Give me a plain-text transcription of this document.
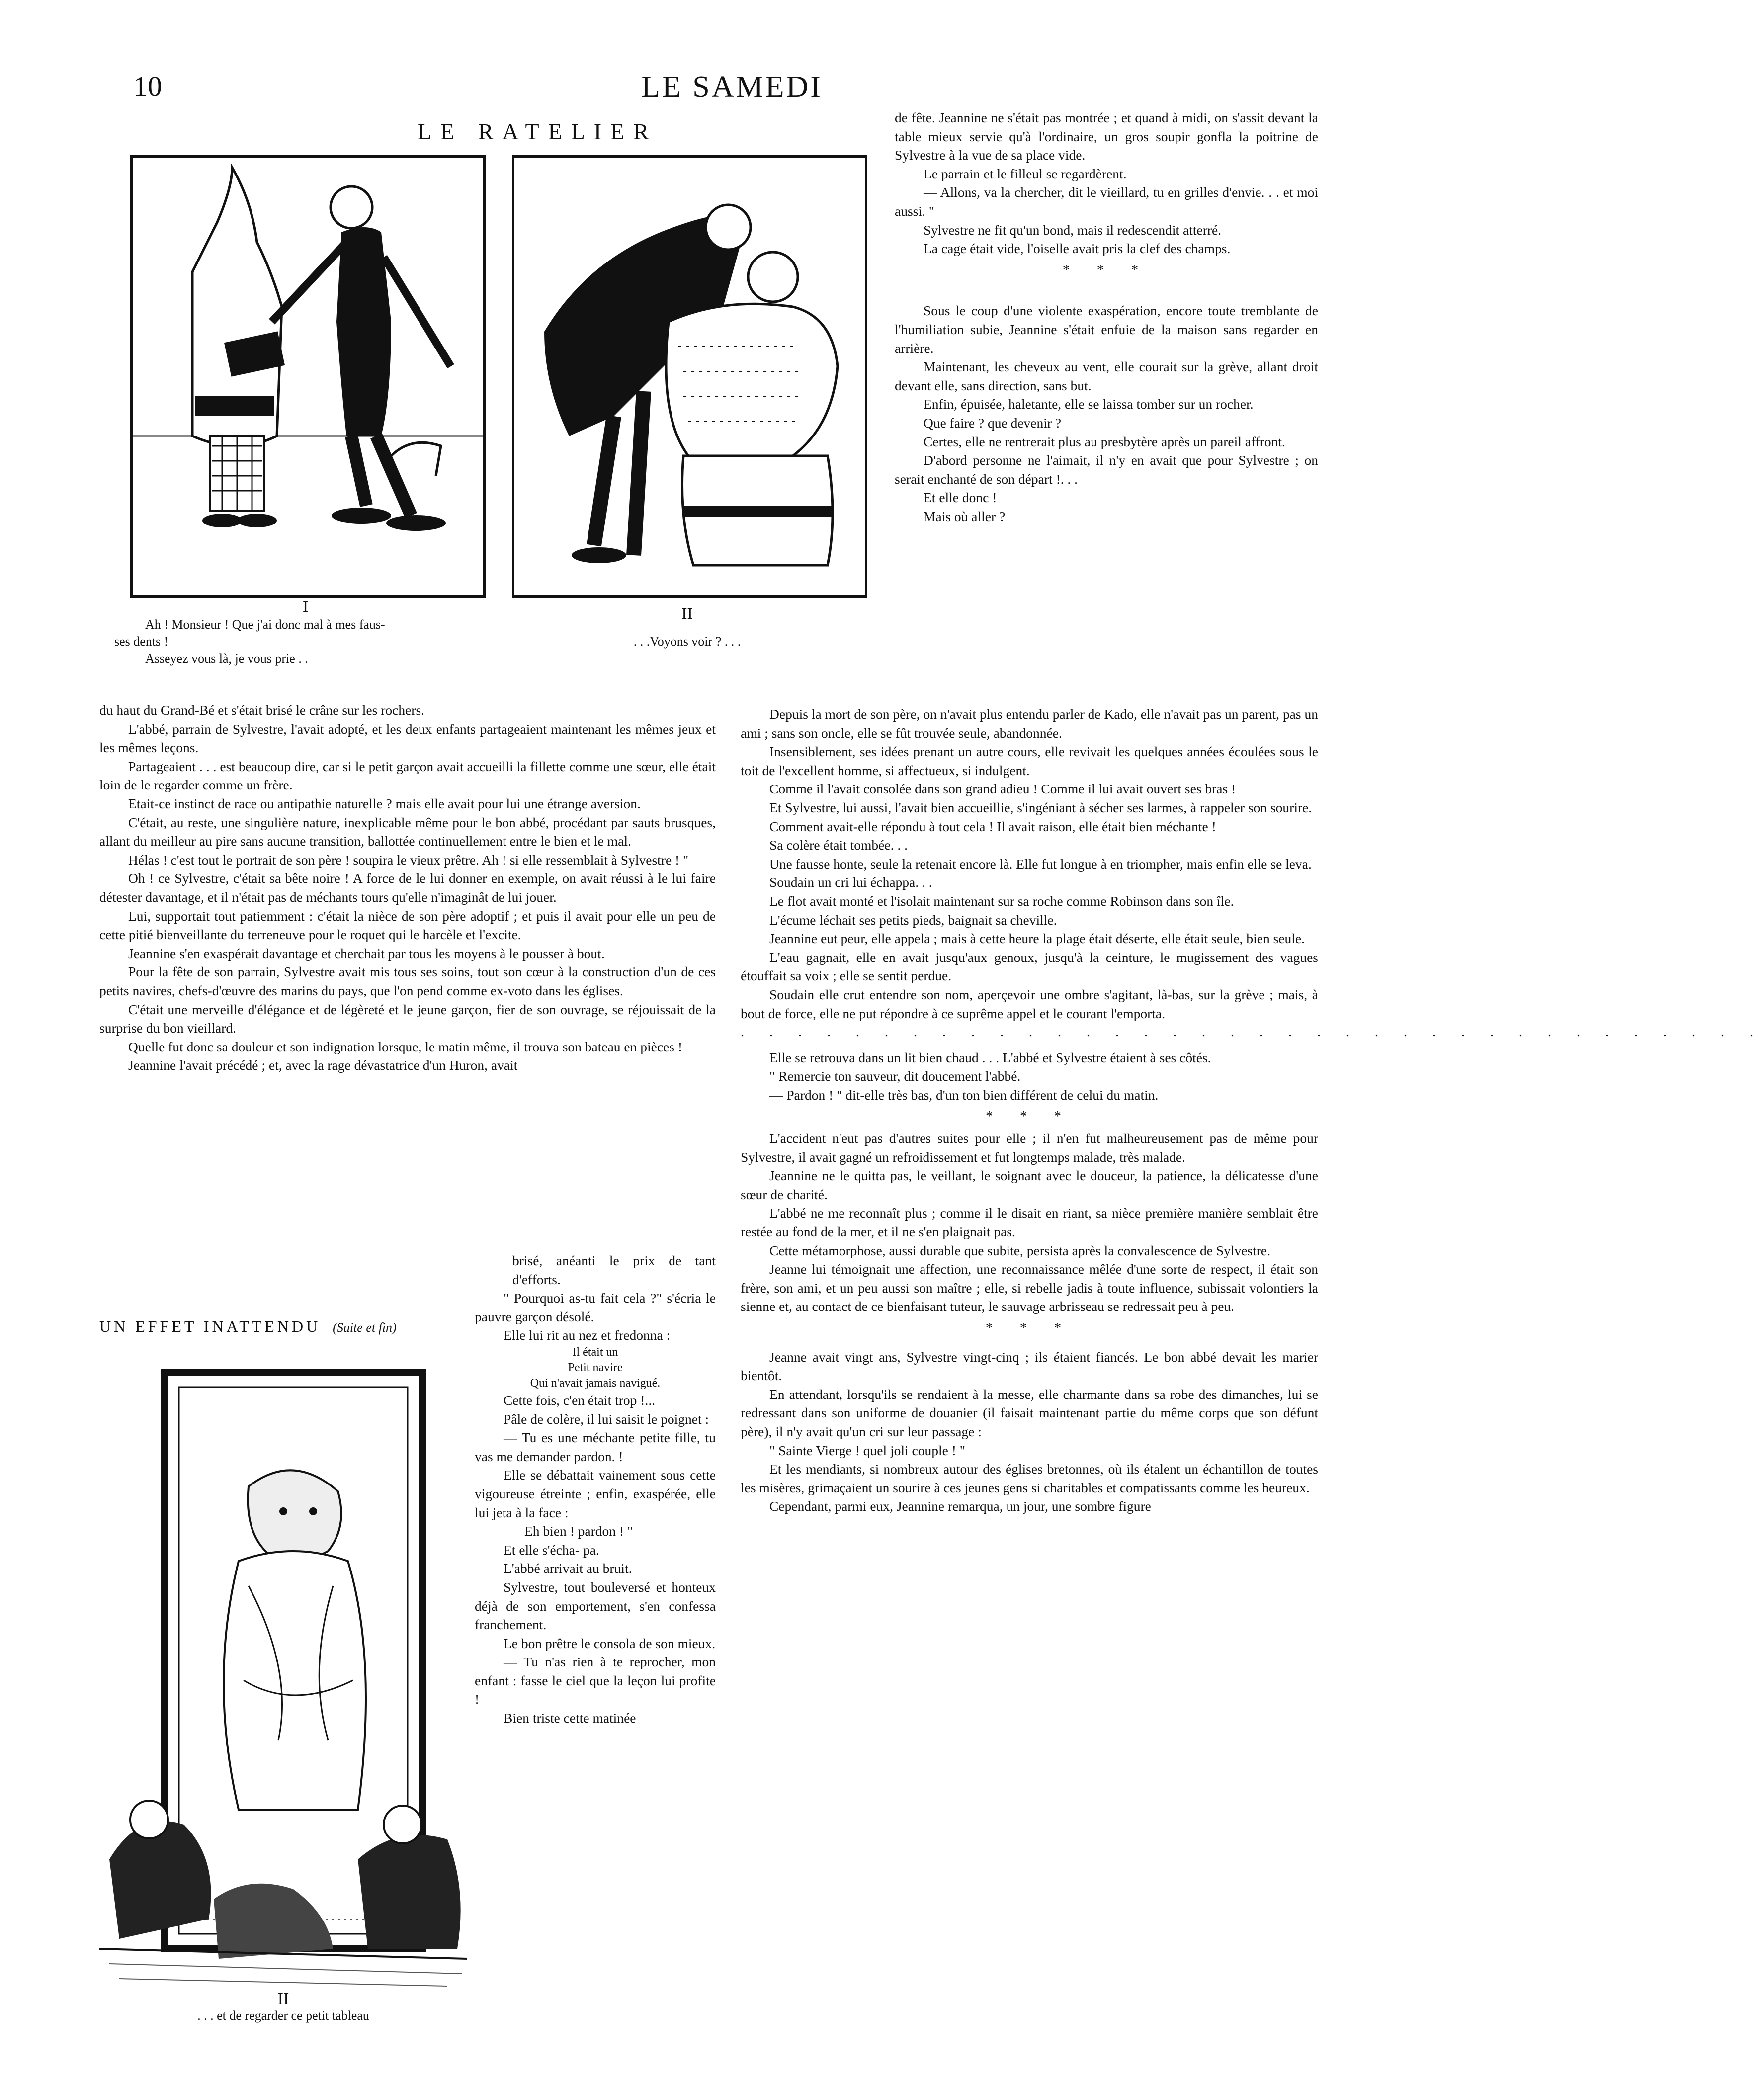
10	LE SAMEDI
LE RATELIER
I
Ah ! Monsieur ! Que j'ai donc mal à mes faus-
ses dents !
Asseyez vous là, je vous prie . .
II
. . .Voyons voir ? . . .

de fête. Jeannine ne s'était pas montrée ; et quand à midi, on s'assit devant la table mieux servie qu'à l'ordinaire, un gros soupir gonfla la poitrine de Sylvestre à la vue de sa place vide.

Le parrain et le filleul se regardèrent.

— Allons, va la chercher, dit le vieillard, tu en grilles d'envie. . . et moi aussi. "

Sylvestre ne fit qu'un bond, mais il redescendit atterré.

La cage était vide, l'oiselle avait pris la clef des champs.

* * *

Sous le coup d'une violente exaspération, encore toute tremblante de l'humiliation subie, Jeannine s'était enfuie de la maison sans regarder en arrière.

Maintenant, les cheveux au vent, elle courait sur la grève, allant droit devant elle, sans direction, sans but.

Enfin, épuisée, haletante, elle se laissa tomber sur un rocher.

Que faire ? que devenir ?

Certes, elle ne rentrerait plus au presbytère après un pareil affront.

D'abord personne ne l'aimait, il n'y en avait que pour Sylvestre ; on serait enchanté de son départ !. . .

Et elle donc !

Mais où aller ?

du haut du Grand-Bé et s'était brisé le crâne sur les rochers.

L'abbé, parrain de Sylvestre, l'avait adopté, et les deux enfants partageaient maintenant les mêmes jeux et les mêmes leçons.

Partageaient . . . est beaucoup dire, car si le petit garçon avait accueilli la fillette comme une sœur, elle était loin de le regarder comme un frère.

Etait-ce instinct de race ou antipathie naturelle ? mais elle avait pour lui une étrange aversion.

C'était, au reste, une singulière nature, inexplicable même pour le bon abbé, procédant par sauts brusques, allant du meilleur au pire sans aucune transition, ballottée continuellement entre le bien et le mal.

Hélas ! c'est tout le portrait de son père ! soupira le vieux prêtre. Ah ! si elle ressemblait à Sylvestre ! "

Oh ! ce Sylvestre, c'était sa bête noire ! A force de le lui donner en exemple, on avait réussi à le lui faire détester davantage, et il n'était pas de méchants tours qu'elle n'imaginât de lui jouer.

Lui, supportait tout patiemment : c'était la nièce de son père adoptif ; et puis il avait pour elle un peu de cette pitié bienveillante du terreneuve pour le roquet qui le harcèle et l'excite.

Jeannine s'en exaspérait davantage et cherchait par tous les moyens à le pousser à bout.

Pour la fête de son parrain, Sylvestre avait mis tous ses soins, tout son cœur à la construction d'un de ces petits navires, chefs-d'œuvre des marins du pays, que l'on pend comme ex-voto dans les églises.

C'était une merveille d'élégance et de légèreté et le jeune garçon, fier de son ouvrage, se réjouissait de la surprise du bon vieillard.

Quelle fut donc sa douleur et son indignation lorsque, le matin même, il trouva son bateau en pièces !

Jeannine l'avait précédé ; et, avec la rage dévastatrice d'un Huron, avait

UN EFFET INATTENDU (Suite et fin)
II
. . . et de regarder ce petit tableau

brisé, anéanti le prix de tant d'efforts.

" Pourquoi as-tu fait cela ?" s'écria le pauvre garçon désolé.

Elle lui rit au nez et fredonna :

Il était un

Petit navire

Qui n'avait jamais navigué.

Cette fois, c'en était trop !...

Pâle de colère, il lui saisit le poignet :

— Tu es une méchante petite fille, tu vas me demander pardon. !

Elle se débattait vainement sous cette vigoureuse étreinte ; enfin, exaspérée, elle lui jeta à la face :

Eh bien ! pardon ! "

Et elle s'écha- pa.

L'abbé arrivait au bruit.

Sylvestre, tout bouleversé et honteux déjà de son emportement, s'en confessa franchement.

Le bon prêtre le consola de son mieux.

— Tu n'as rien à te reprocher, mon enfant : fasse le ciel que la leçon lui profite !

Bien triste cette matinée

Depuis la mort de son père, on n'avait plus entendu parler de Kado, elle n'avait pas un parent, pas un ami ; sans son oncle, elle se fût trouvée seule, abandonnée.

Insensiblement, ses idées prenant un autre cours, elle revivait les quelques années écoulées sous le toit de l'excellent homme, si affectueux, si indulgent.

Comme il l'avait consolée dans son grand adieu ! Comme il lui avait ouvert ses bras !

Et Sylvestre, lui aussi, l'avait bien accueillie, s'ingéniant à sécher ses larmes, à rappeler son sourire.

Comment avait-elle répondu à tout cela ! Il avait raison, elle était bien méchante !

Sa colère était tombée. . .

Une fausse honte, seule la retenait encore là. Elle fut longue à en triompher, mais enfin elle se leva.

Soudain un cri lui échappa. . .

Le flot avait monté et l'isolait maintenant sur sa roche comme Robinson dans son île.

L'écume léchait ses petits pieds, baignait sa cheville.

Jeannine eut peur, elle appela ; mais à cette heure la plage était déserte, elle était seule, bien seule.

L'eau gagnait, elle en avait jusqu'aux genoux, jusqu'à la ceinture, le mugissement des vagues étouffait sa voix ; elle se sentit perdue.

Soudain elle crut entendre son nom, aperçevoir une ombre s'agitant, là-bas, sur la grève ; mais, à bout de force, elle ne put répondre à ce suprême appel et le courant l'emporta.

. . . . . . . . . . . . . . . . . . . . . . . . . . . . . . . . . . . .

Elle se retrouva dans un lit bien chaud . . . L'abbé et Sylvestre étaient à ses côtés.

" Remercie ton sauveur, dit doucement l'abbé.

— Pardon ! " dit-elle très bas, d'un ton bien différent de celui du matin.

* * *

L'accident n'eut pas d'autres suites pour elle ; il n'en fut malheureusement pas de même pour Sylvestre, il avait gagné un refroidissement et fut longtemps malade, très malade.

Jeannine ne le quitta pas, le veillant, le soignant avec le douceur, la patience, la délicatesse d'une sœur de charité.

L'abbé ne me reconnaît plus ; comme il le disait en riant, sa nièce première manière semblait être restée au fond de la mer, et il ne s'en plaignait pas.

Cette métamorphose, aussi durable que subite, persista après la convalescence de Sylvestre.

Jeanne lui témoignait une affection, une reconnaissance mêlée d'une sorte de respect, il était son frère, son ami, et un peu aussi son maître ; elle, si rebelle jadis à toute influence, subissait volontiers la sienne et, au contact de ce bienfaisant tuteur, le sauvage arbrisseau se redressait peu à peu.

* * *

Jeanne avait vingt ans, Sylvestre vingt-cinq ; ils étaient fiancés. Le bon abbé devait les marier bientôt.

En attendant, lorsqu'ils se rendaient à la messe, elle charmante dans sa robe des dimanches, lui se redressant dans son uniforme de douanier (il faisait maintenant partie du même corps que son défunt père), il n'y avait qu'un cri sur leur passage :

" Sainte Vierge ! quel joli couple ! "

Et les mendiants, si nombreux autour des églises bretonnes, où ils étalent un échantillon de toutes les misères, grimaçaient un sourire à ces jeunes gens si charitables et compatissants comme les heureux.

Cependant, parmi eux, Jeannine remarqua, un jour, une sombre figure
